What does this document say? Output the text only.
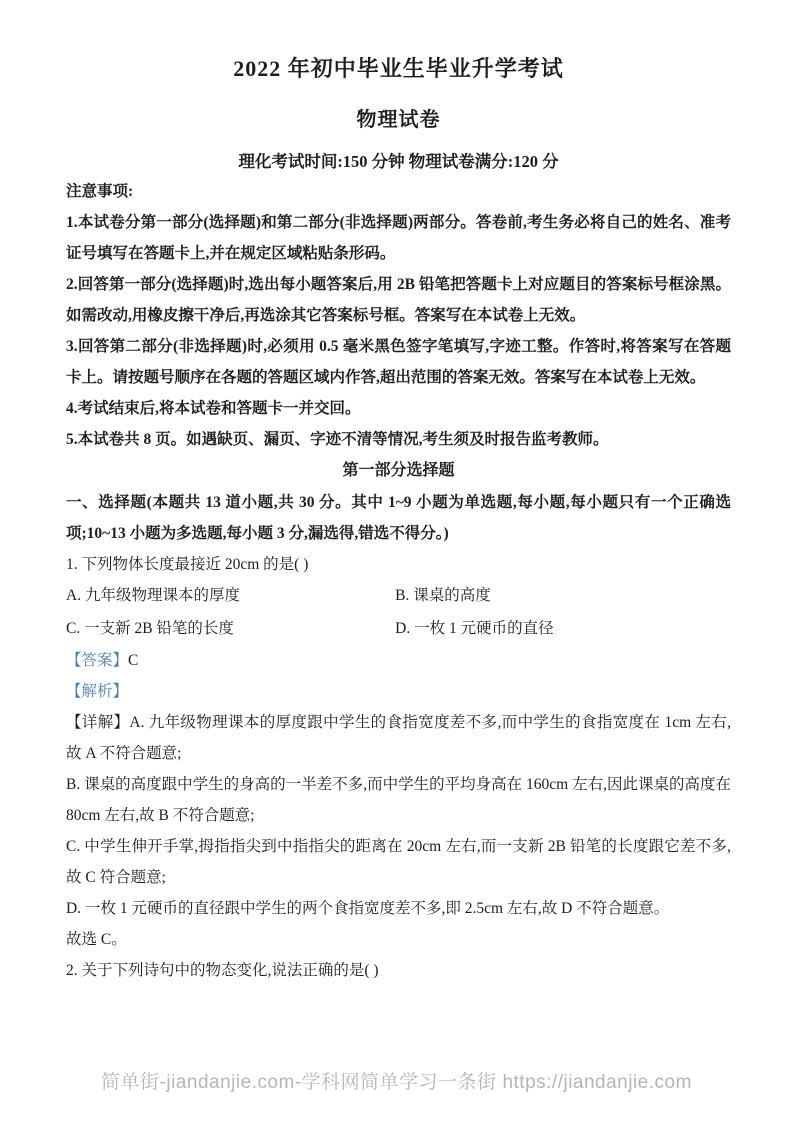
2022 年初中毕业生毕业升学考试
物理试卷
理化考试时间:150 分钟 物理试卷满分:120 分

注意事项:

1.本试卷分第一部分(选择题)和第二部分(非选择题)两部分。答卷前,考生务必将自己的姓名、准考证号填写在答题卡上,并在规定区域粘贴条形码。

2.回答第一部分(选择题)时,选出每小题答案后,用 2B 铅笔把答题卡上对应题目的答案标号框涂黑。如需改动,用橡皮擦干净后,再选涂其它答案标号框。答案写在本试卷上无效。

3.回答第二部分(非选择题)时,必须用 0.5 毫米黑色签字笔填写,字迹工整。作答时,将答案写在答题卡上。请按题号顺序在各题的答题区域内作答,超出范围的答案无效。答案写在本试卷上无效。

4.考试结束后,将本试卷和答题卡一并交回。

5.本试卷共 8 页。如遇缺页、漏页、字迹不清等情况,考生须及时报告监考教师。

第一部分选择题

一、选择题(本题共 13 道小题,共 30 分。其中 1~9 小题为单选题,每小题,每小题只有一个正确选项;10~13 小题为多选题,每小题 3 分,漏选得,错选不得分。)

1. 下列物体长度最接近 20cm 的是( )

A. 九年级物理课本的厚度	B. 课桌的高度
C. 一支新 2B 铅笔的长度	D. 一枚 1 元硬币的直径

【答案】C

【解析】

【详解】A. 九年级物理课本的厚度跟中学生的食指宽度差不多,而中学生的食指宽度在 1cm 左右,故 A 不符合题意;

B. 课桌的高度跟中学生的身高的一半差不多,而中学生的平均身高在 160cm 左右,因此课桌的高度在 80cm 左右,故 B 不符合题意;

C. 中学生伸开手掌,拇指指尖到中指指尖的距离在 20cm 左右,而一支新 2B 铅笔的长度跟它差不多,故 C 符合题意;

D. 一枚 1 元硬币的直径跟中学生的两个食指宽度差不多,即 2.5cm 左右,故 D 不符合题意。

故选 C。

2. 关于下列诗句中的物态变化,说法正确的是( )

简单街-jiandanjie.com-学科网简单学习一条街 https://jiandanjie.com
